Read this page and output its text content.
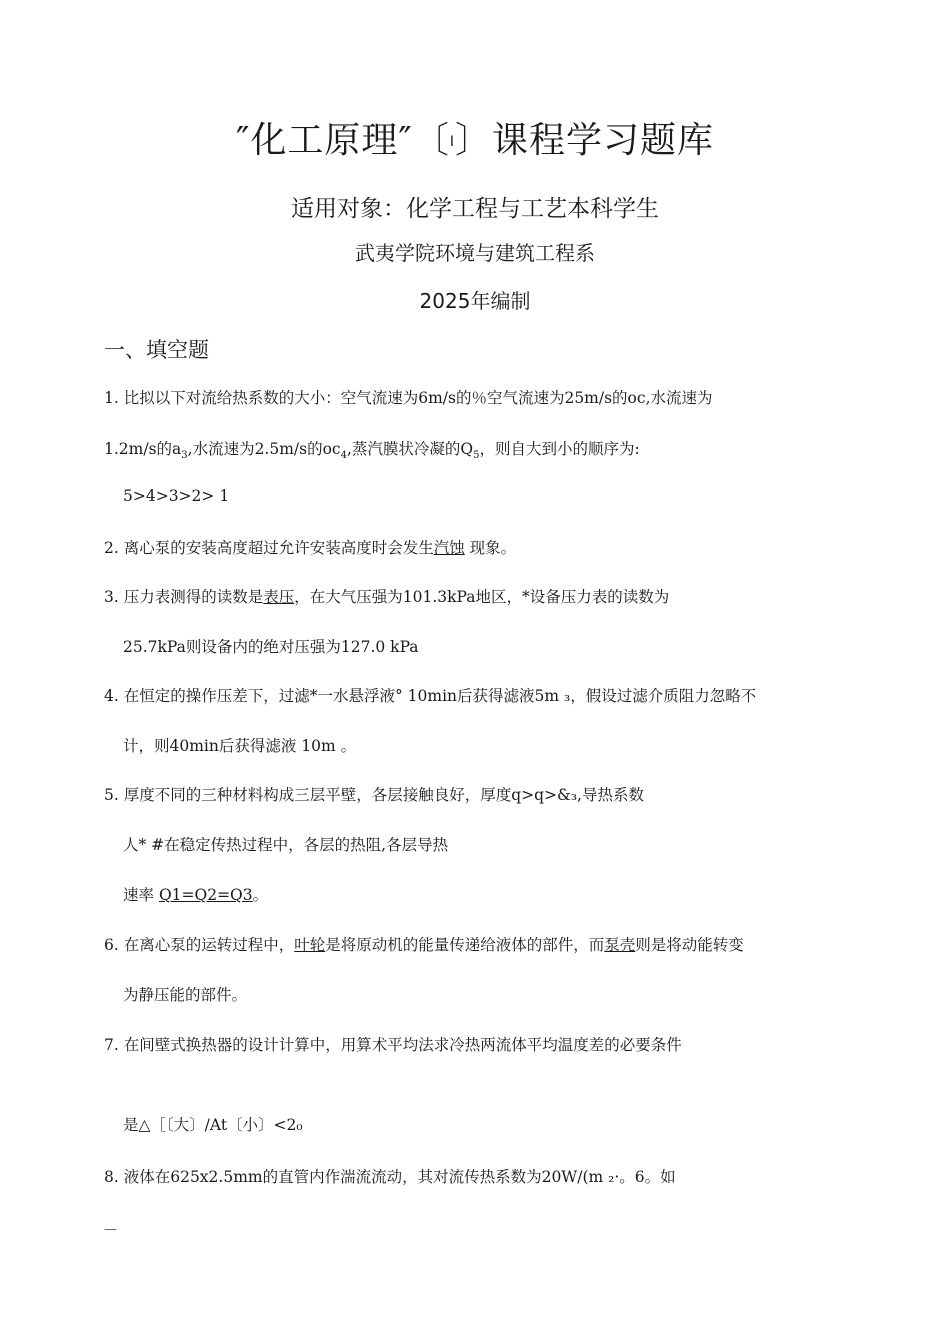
″化工原理″〔I〕课程学习题库
适用对象：化学工程与工艺本科学生
武夷学院环境与建筑工程系
2025年编制
一、填空题
1. 比拟以下对流给热系数的大小：空气流速为6m/s的％空气流速为25m/s的oc,水流速为
1.2m/s的$a_3$,水流速为2.5m/s的$oc_4$,蒸汽膜状冷凝的$Q_5$，则自大到小的顺序为:
5>4>3>2> 1
2. 离心泵的安装高度超过允许安装高度时会发生汽蚀 现象。
3. 压力表测得的读数是表压，在大气压强为101.3kPa地区，*设备压力表的读数为
25.7kPa则设备内的绝对压强为127.0 kPa
4. 在恒定的操作压差下，过滤*一水悬浮液° 10min后获得滤液5m ₃，假设过滤介质阻力忽略不
计，则40min后获得滤液 10m 。
5. 厚度不同的三种材料构成三层平壁，各层接触良好，厚度q>q>&₃,导热系数
人* #在稳定传热过程中，各层的热阻,各层导热
速率 Q1=Q2=Q3。
6. 在离心泵的运转过程中，叶轮是将原动机的能量传递给液体的部件，而泵壳则是将动能转变
为静压能的部件。
7. 在间壁式换热器的设计计算中，用算术平均法求冷热两流体平均温度差的必要条件
是△［〔大〕/At〔小〕<2₀
8. 液体在625x2.5mm的直管内作湍流流动，其对流传热系数为20W/(m ₂·。6。如
—
